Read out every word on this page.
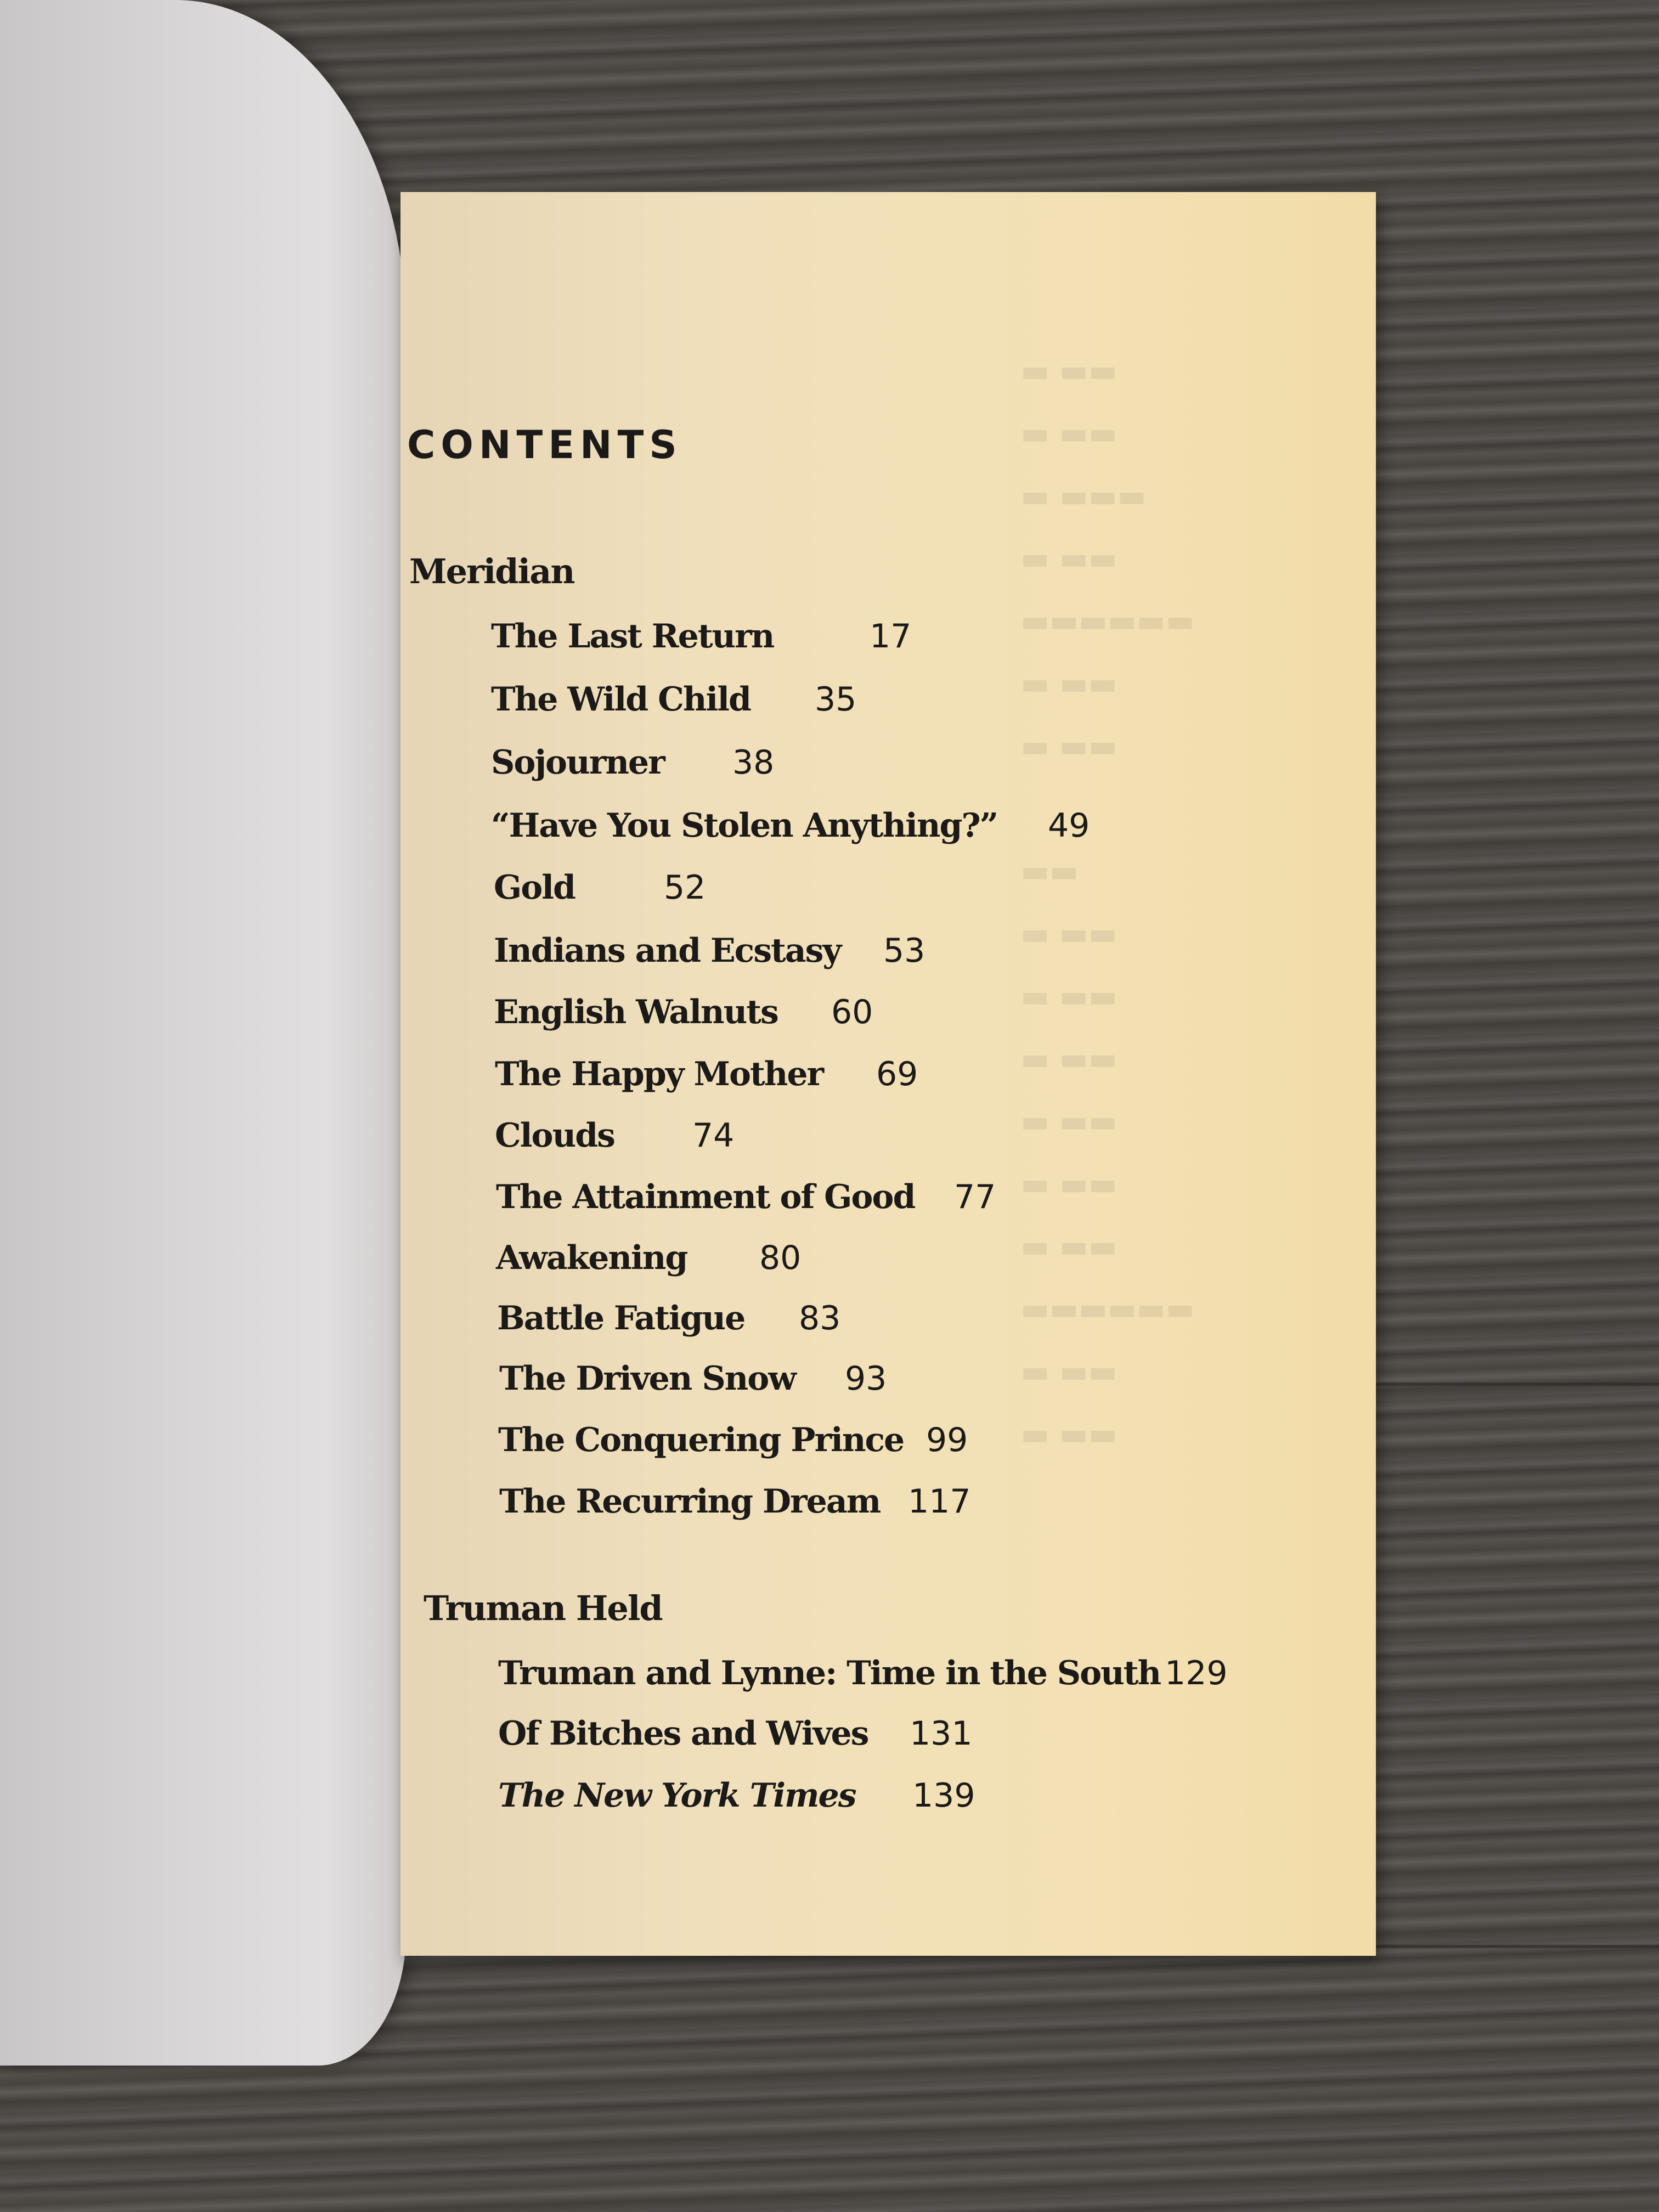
▬▬ ▬
▬▬ ▬
▬▬▬ ▬
▬▬ ▬
▬▬▬▬▬▬
▬▬ ▬
▬▬ ▬

▬▬
▬▬ ▬
▬▬ ▬
▬▬ ▬
▬▬ ▬
▬▬ ▬
▬▬ ▬
▬▬▬▬▬▬
▬▬ ▬
▬▬ ▬
CONTENTS
Meridian
The Last Return	17
The Wild Child 35
Sojourner 38
“Have You Stolen Anything?” 49
Gold	52
Indians and Ecstasy 53
English Walnuts 60
The Happy Mother 69
Clouds 74
The Attainment of Good 77
Awakening 80
Battle Fatigue 83
The Driven Snow 93
The Conquering Prince 99
The Recurring Dream 117
Truman Held
Truman and Lynne: Time in the South 129
Of Bitches and Wives 131
The New York Times 139
